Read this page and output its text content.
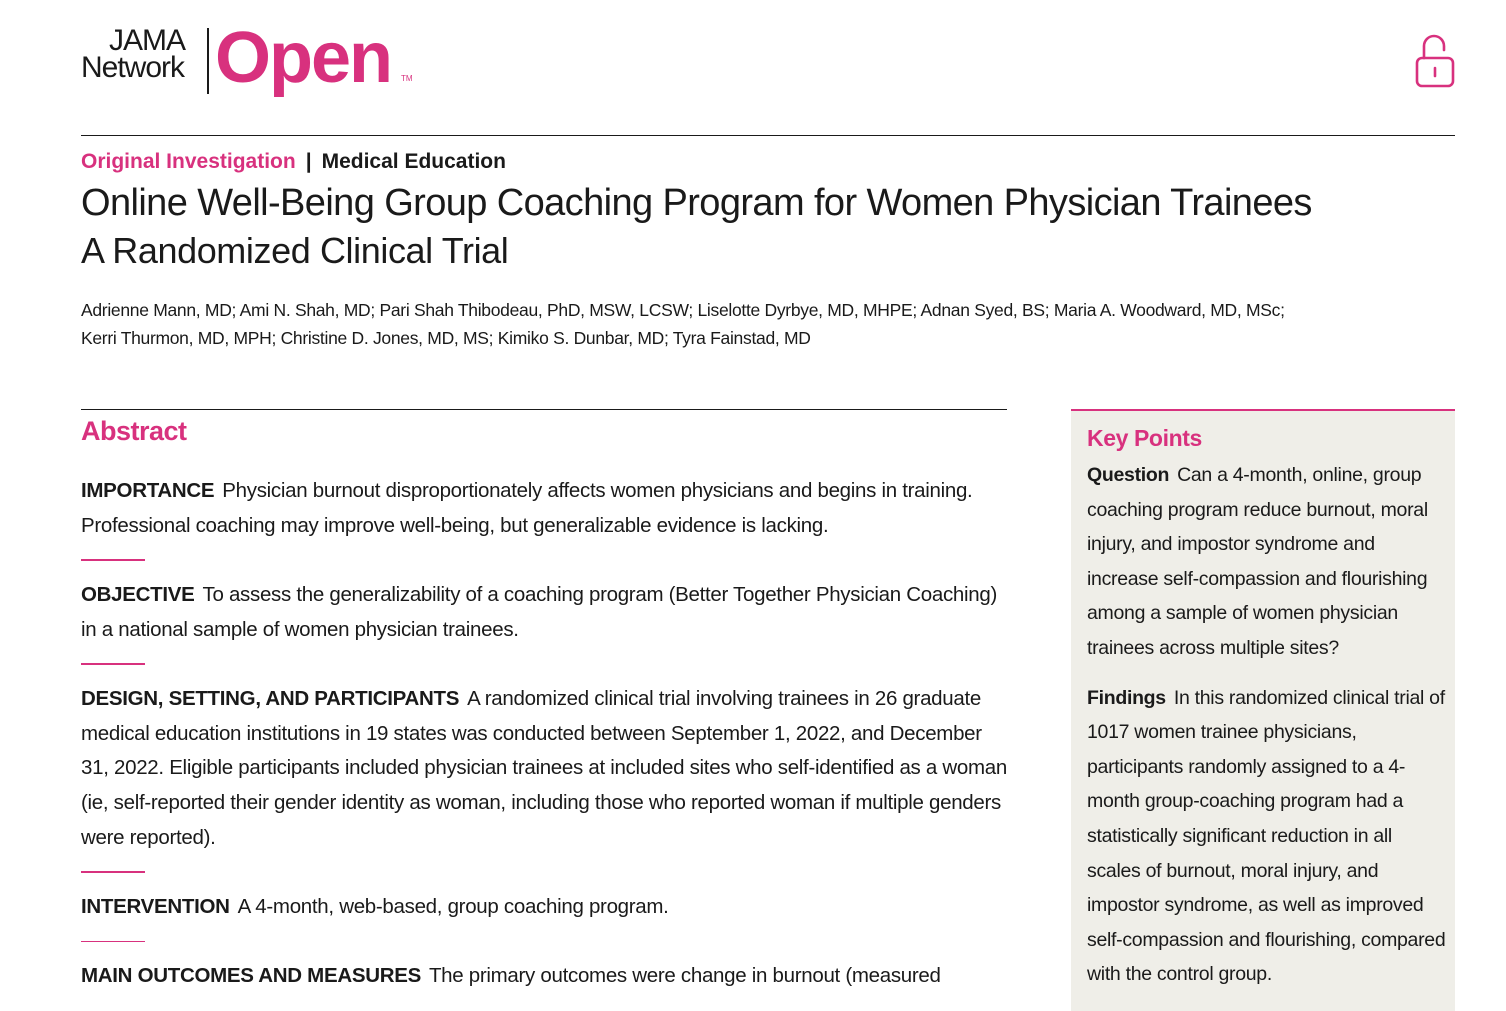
JAMA
Network Open TM
Original Investigation | Medical Education
Online Well-Being Group Coaching Program for Women Physician Trainees
A Randomized Clinical Trial
Adrienne Mann, MD; Ami N. Shah, MD; Pari Shah Thibodeau, PhD, MSW, LCSW; Liselotte Dyrbye, MD, MHPE; Adnan Syed, BS; Maria A. Woodward, MD, MSc;
Kerri Thurmon, MD, MPH; Christine D. Jones, MD, MS; Kimiko S. Dunbar, MD; Tyra Fainstad, MD
Abstract

IMPORTANCE Physician burnout disproportionately affects women physicians and begins in training. Professional coaching may improve well-being, but generalizable evidence is lacking.

OBJECTIVE To assess the generalizability of a coaching program (Better Together Physician Coaching) in a national sample of women physician trainees.

DESIGN, SETTING, AND PARTICIPANTS A randomized clinical trial involving trainees in 26 graduate medical education institutions in 19 states was conducted between September 1, 2022, and December 31, 2022. Eligible participants included physician trainees at included sites who self-identified as a woman (ie, self-reported their gender identity as woman, including those who reported woman if multiple genders were reported).

INTERVENTION A 4-month, web-based, group coaching program.

MAIN OUTCOMES AND MEASURES The primary outcomes were change in burnout (measured

Key Points

Question Can a 4-month, online, group coaching program reduce burnout, moral injury, and impostor syndrome and increase self-compassion and flourishing among a sample of women physician trainees across multiple sites?

Findings In this randomized clinical trial of 1017 women trainee physicians, participants randomly assigned to a 4-month group-coaching program had a statistically significant reduction in all scales of burnout, moral injury, and impostor syndrome, as well as improved self-compassion and flourishing, compared with the control group.
